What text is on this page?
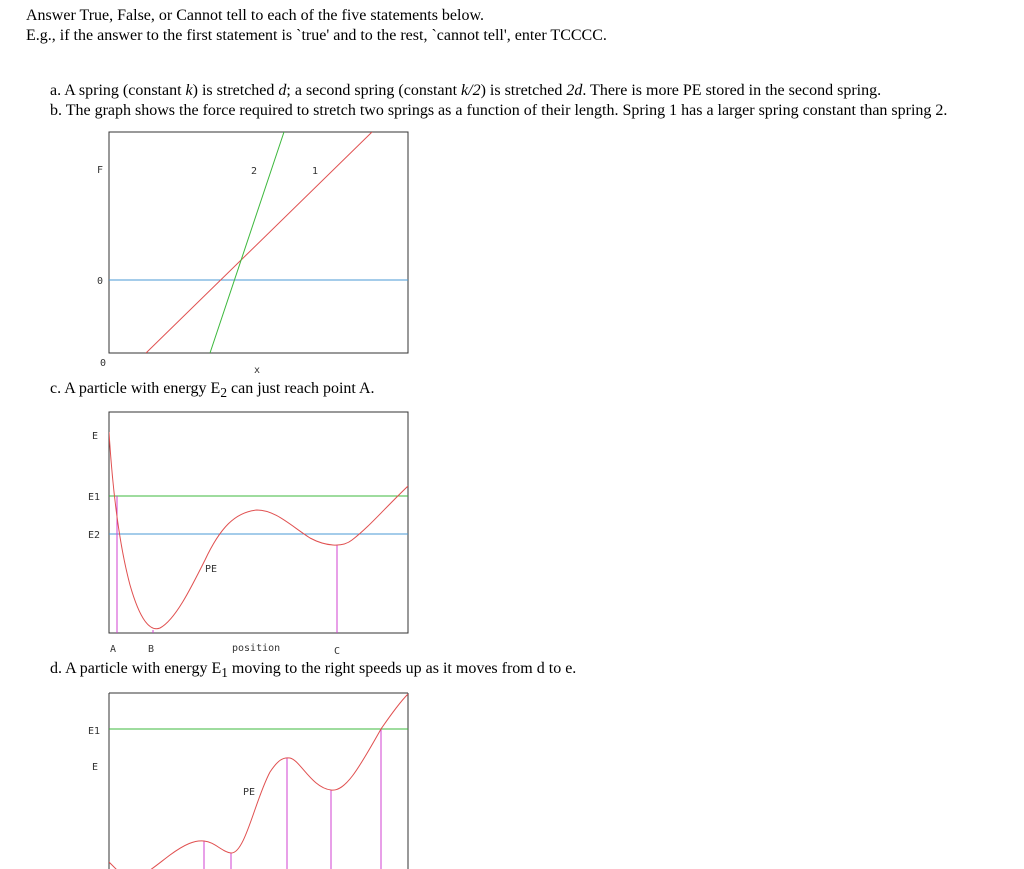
Answer True, False, or Cannot tell to each of the five statements below.

E.g., if the answer to the first statement is `true' and to the rest, `cannot tell', enter TCCCC.

a. A spring (constant k) is stretched d; a second spring (constant k/2) is stretched 2d. There is more PE stored in the second spring.
b. The graph shows the force required to stretch two springs as a function of their length. Spring 1 has a larger spring constant than spring 2.
F
0
0
x
2	1
c. A particle with energy $E_2$ can just reach point A.
E
E1
E2
PE
A	B	position	C
d. A particle with energy $E_1$ moving to the right speeds up as it moves from d to e.
E1
E
PE
